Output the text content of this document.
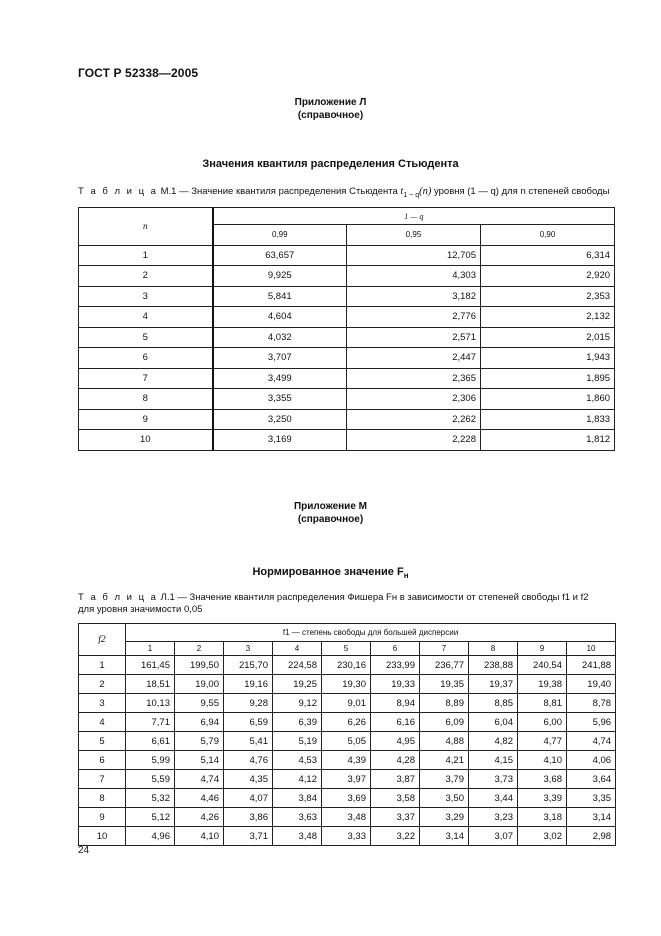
ГОСТ Р 52338—2005
Приложение Л
(справочное)
Значения квантиля распределения Стьюдента
Т а б л и ц а М.1 — Значение квантиля распределения Стьюдента $t_{1 - q}(n)$ уровня (1 — q) для n степеней свободы
n	1 — q		
	0,99	0,95	0,90
1	63,657	12,705	6,314
2	9,925	4,303	2,920
3	5,841	3,182	2,353
4	4,604	2,776	2,132
5	4,032	2,571	2,015
6	3,707	2,447	1,943
7	3,499	2,365	1,895
8	3,355	2,306	1,860
9	3,250	2,262	1,833
10	3,169	2,228	1,812
Приложение М
(справочное)
Нормированное значение $F_н$
Т а б л и ц а Л.1 — Значение квантиля распределения Фишера Fн в зависимости от степеней свободы f1 и f2
для уровня значимости 0,05
f2	f1 — степень свободы для большей дисперсии									
	1	2	3	4	5	6	7	8	9	10
1	161,45	199,50	215,70	224,58	230,16	233,99	236,77	238,88	240,54	241,88
2	18,51	19,00	19,16	19,25	19,30	19,33	19,35	19,37	19,38	19,40
3	10,13	9,55	9,28	9,12	9,01	8,94	8,89	8,85	8,81	8,78
4	7,71	6,94	6,59	6,39	6,26	6,16	6,09	6,04	6,00	5,96
5	6,61	5,79	5,41	5,19	5,05	4,95	4,88	4,82	4,77	4,74
6	5,99	5,14	4,76	4,53	4,39	4,28	4,21	4,15	4,10	4,06
7	5,59	4,74	4,35	4,12	3,97	3,87	3,79	3,73	3,68	3,64
8	5,32	4,46	4,07	3,84	3,69	3,58	3,50	3,44	3,39	3,35
9	5,12	4,26	3,86	3,63	3,48	3,37	3,29	3,23	3,18	3,14
10	4,96	4,10	3,71	3,48	3,33	3,22	3,14	3,07	3,02	2,98
24
